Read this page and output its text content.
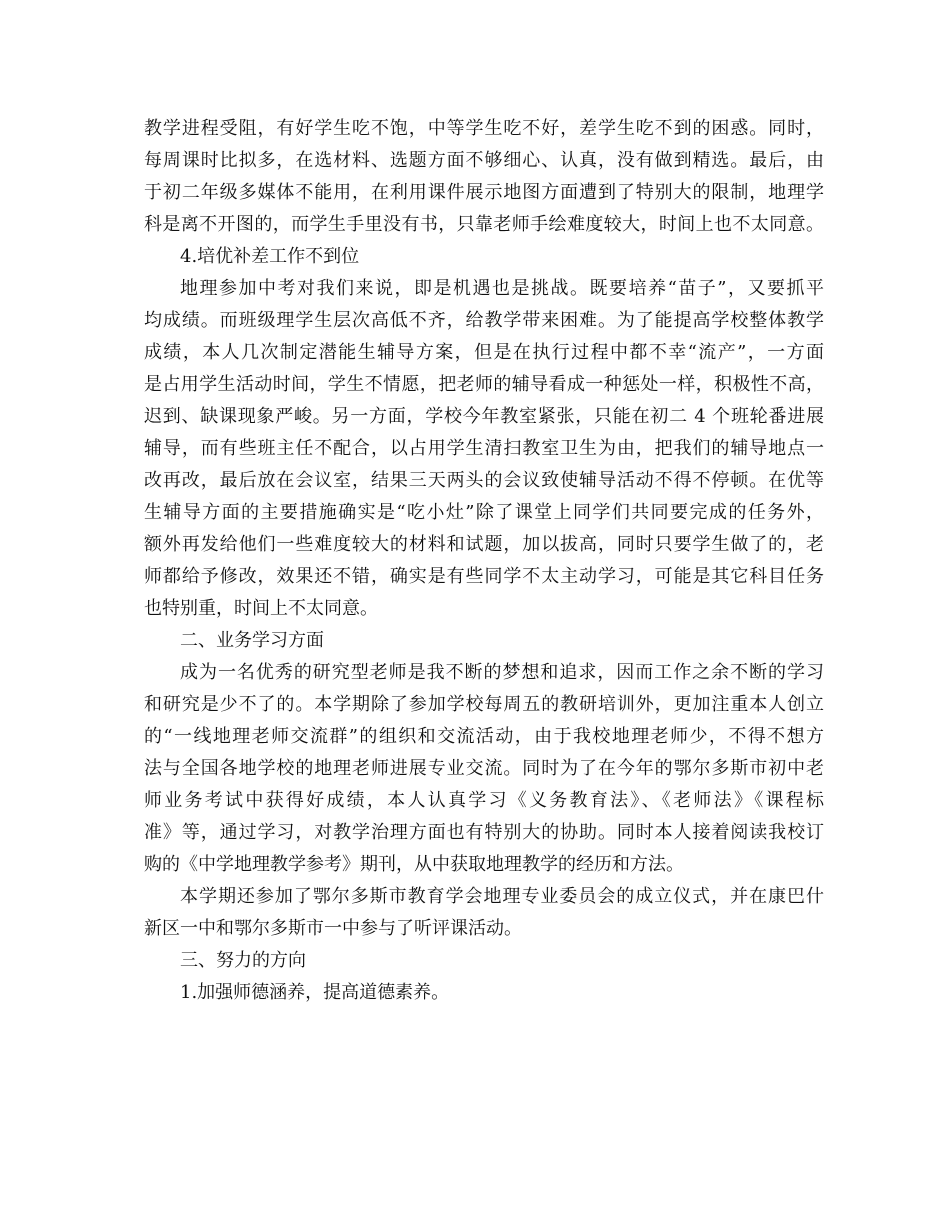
教学进程受阻，有好学生吃不饱，中等学生吃不好，差学生吃不到的困惑。同时，
每周课时比拟多，在选材料、选题方面不够细心、认真，没有做到精选。最后，由
于初二年级多媒体不能用，在利用课件展示地图方面遭到了特别大的限制，地理学
科是离不开图的，而学生手里没有书，只靠老师手绘难度较大，时间上也不太同意。
4.培优补差工作不到位
地理参加中考对我们来说，即是机遇也是挑战。既要培养“苗子”，又要抓平
均成绩。而班级理学生层次高低不齐，给教学带来困难。为了能提高学校整体教学
成绩，本人几次制定潜能生辅导方案，但是在执行过程中都不幸“流产”，一方面
是占用学生活动时间，学生不情愿，把老师的辅导看成一种惩处一样，积极性不高，
迟到、缺课现象严峻。另一方面，学校今年教室紧张，只能在初二 4 个班轮番进展
辅导，而有些班主任不配合，以占用学生清扫教室卫生为由，把我们的辅导地点一
改再改，最后放在会议室，结果三天两头的会议致使辅导活动不得不停顿。在优等
生辅导方面的主要措施确实是“吃小灶”除了课堂上同学们共同要完成的任务外，
额外再发给他们一些难度较大的材料和试题，加以拔高，同时只要学生做了的，老
师都给予修改，效果还不错，确实是有些同学不太主动学习，可能是其它科目任务
也特别重，时间上不太同意。
二、业务学习方面
成为一名优秀的研究型老师是我不断的梦想和追求，因而工作之余不断的学习
和研究是少不了的。本学期除了参加学校每周五的教研培训外，更加注重本人创立
的“一线地理老师交流群”的组织和交流活动，由于我校地理老师少，不得不想方
法与全国各地学校的地理老师进展专业交流。同时为了在今年的鄂尔多斯市初中老
师业务考试中获得好成绩，本人认真学习《义务教育法》、《老师法》《课程标
准》等，通过学习，对教学治理方面也有特别大的协助。同时本人接着阅读我校订
购的《中学地理教学参考》期刊，从中获取地理教学的经历和方法。
本学期还参加了鄂尔多斯市教育学会地理专业委员会的成立仪式，并在康巴什
新区一中和鄂尔多斯市一中参与了听评课活动。
三、努力的方向
1.加强师德涵养，提高道德素养。
